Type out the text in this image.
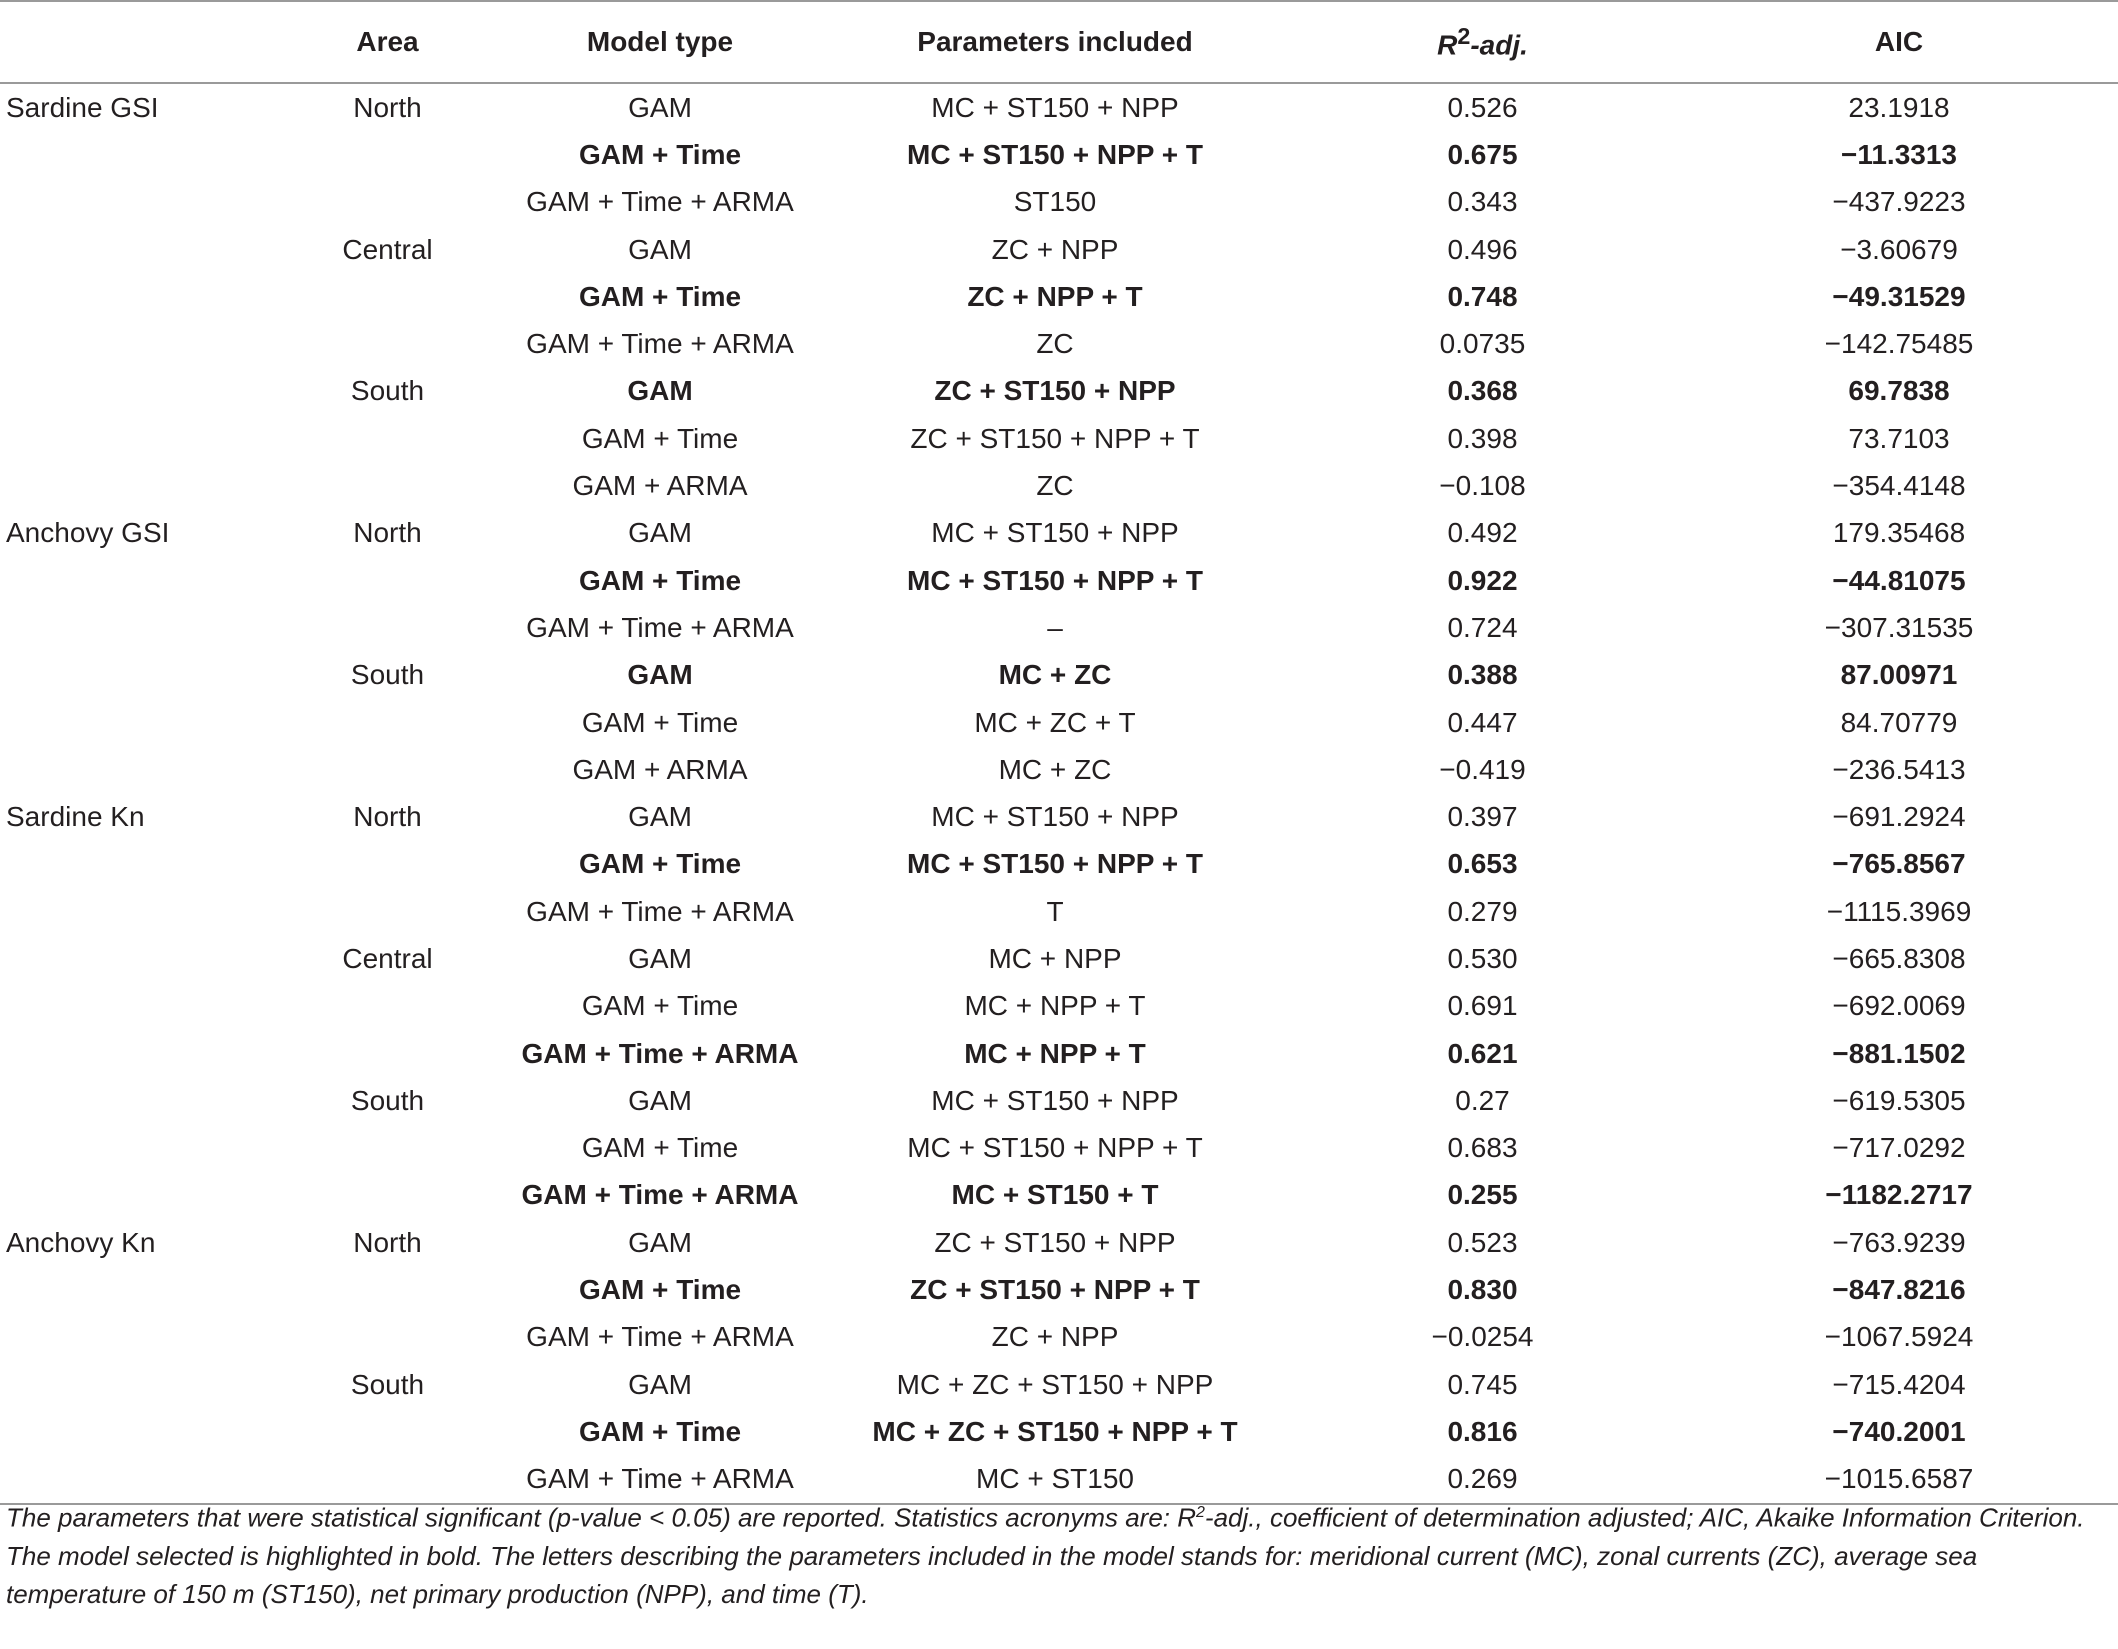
	Area	Model type	Parameters included	$R^2$-adj.	AIC
Sardine GSI	North	GAM	MC + ST150 + NPP	0.526	23.1918
		GAM + Time	MC + ST150 + NPP + T	0.675	−11.3313
		GAM + Time + ARMA	ST150	0.343	−437.9223
	Central	GAM	ZC + NPP	0.496	−3.60679
		GAM + Time	ZC + NPP + T	0.748	−49.31529
		GAM + Time + ARMA	ZC	0.0735	−142.75485
	South	GAM	ZC + ST150 + NPP	0.368	69.7838
		GAM + Time	ZC + ST150 + NPP + T	0.398	73.7103
		GAM + ARMA	ZC	−0.108	−354.4148
Anchovy GSI	North	GAM	MC + ST150 + NPP	0.492	179.35468
		GAM + Time	MC + ST150 + NPP + T	0.922	−44.81075
		GAM + Time + ARMA	–	0.724	−307.31535
	South	GAM	MC + ZC	0.388	87.00971
		GAM + Time	MC + ZC + T	0.447	84.70779
		GAM + ARMA	MC + ZC	−0.419	−236.5413
Sardine Kn	North	GAM	MC + ST150 + NPP	0.397	−691.2924
		GAM + Time	MC + ST150 + NPP + T	0.653	−765.8567
		GAM + Time + ARMA	T	0.279	−1115.3969
	Central	GAM	MC + NPP	0.530	−665.8308
		GAM + Time	MC + NPP + T	0.691	−692.0069
		GAM + Time + ARMA	MC + NPP + T	0.621	−881.1502
	South	GAM	MC + ST150 + NPP	0.27	−619.5305
		GAM + Time	MC + ST150 + NPP + T	0.683	−717.0292
		GAM + Time + ARMA	MC + ST150 + T	0.255	−1182.2717
Anchovy Kn	North	GAM	ZC + ST150 + NPP	0.523	−763.9239
		GAM + Time	ZC + ST150 + NPP + T	0.830	−847.8216
		GAM + Time + ARMA	ZC + NPP	−0.0254	−1067.5924
	South	GAM	MC + ZC + ST150 + NPP	0.745	−715.4204
		GAM + Time	MC + ZC + ST150 + NPP + T	0.816	−740.2001
		GAM + Time + ARMA	MC + ST150	0.269	−1015.6587
The parameters that were statistical significant (p-value < 0.05) are reported. Statistics acronyms are: $R^2$-adj., coefficient of determination adjusted; AIC, Akaike Information Criterion. The model selected is highlighted in bold. The letters describing the parameters included in the model stands for: meridional current (MC), zonal currents (ZC), average sea temperature of 150 m (ST150), net primary production (NPP), and time (T).
